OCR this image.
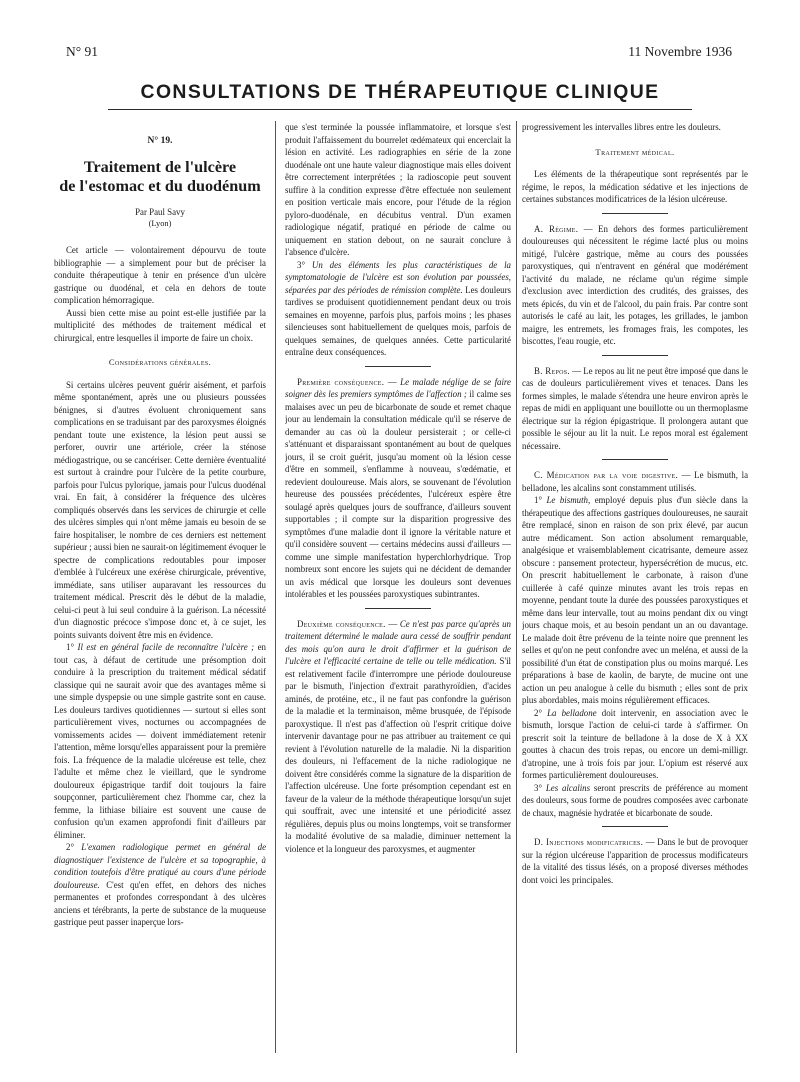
N° 91	11 Novembre 1936
CONSULTATIONS DE THÉRAPEUTIQUE CLINIQUE
N° 19.
Traitement de l'ulcère
de l'estomac et du duodénum
Par Paul Savy
(Lyon)

Cet article — volontairement dépourvu de toute bibliographie — a simplement pour but de préciser la conduite thérapeutique à tenir en présence d'un ulcère gastrique ou duodénal, et cela en dehors de toute complication hémorragique.

Aussi bien cette mise au point est-elle justifiée par la multiplicité des méthodes de traitement médical et chirurgical, entre lesquelles il importe de faire un choix.

Considérations générales.

Si certains ulcères peuvent guérir aisément, et parfois même spontanément, après une ou plusieurs poussées bénignes, si d'autres évoluent chroniquement sans complications en se traduisant par des paroxysmes éloignés pendant toute une existence, la lésion peut aussi se perforer, ouvrir une artériole, créer la sténose médiogastrique, ou se cancériser. Cette dernière éventualité est surtout à craindre pour l'ulcère de la petite courbure, parfois pour l'ulcus pylorique, jamais pour l'ulcus duodénal vrai. En fait, à considérer la fréquence des ulcères compliqués observés dans les services de chirurgie et celle des ulcères simples qui n'ont même jamais eu besoin de se faire hospitaliser, le nombre de ces derniers est nettement supérieur ; aussi bien ne saurait-on légitimement évoquer le spectre de complications redoutables pour imposer d'emblée à l'ulcéreux une exérèse chirurgicale, préventive, immédiate, sans utiliser auparavant les ressources du traitement médical. Prescrit dès le début de la maladie, celui-ci peut à lui seul conduire à la guérison. La nécessité d'un diagnostic précoce s'impose donc et, à ce sujet, les points suivants doivent être mis en évidence.

1° Il est en général facile de reconnaître l'ulcère ; en tout cas, à défaut de certitude une présomption doit conduire à la prescription du traitement médical sédatif classique qui ne saurait avoir que des avantages même si une simple dyspepsie ou une simple gastrite sont en cause. Les douleurs tardives quotidiennes — surtout si elles sont particulièrement vives, nocturnes ou accompagnées de vomissements acides — doivent immédiatement retenir l'attention, même lorsqu'elles apparaissent pour la première fois. La fréquence de la maladie ulcéreuse est telle, chez l'adulte et même chez le vieillard, que le syndrome douloureux épigastrique tardif doit toujours la faire soupçonner, particulièrement chez l'homme car, chez la femme, la lithiase biliaire est souvent une cause de confusion qu'un examen approfondi finit d'ailleurs par éliminer.

2° L'examen radiologique permet en général de diagnostiquer l'existence de l'ulcère et sa topographie, à condition toutefois d'être pratiqué au cours d'une période douloureuse. C'est qu'en effet, en dehors des niches permanentes et profondes correspondant à des ulcères anciens et térébrants, la perte de substance de la muqueuse gastrique peut passer inaperçue lors-

que s'est terminée la poussée inflammatoire, et lorsque s'est produit l'affaissement du bourrelet œdémateux qui encerclait la lésion en activité. Les radiographies en série de la zone duodénale ont une haute valeur diagnostique mais elles doivent être correctement interprétées ; la radioscopie peut souvent suffire à la condition expresse d'être effectuée non seulement en position verticale mais encore, pour l'étude de la région pyloro-duodénale, en décubitus ventral. D'un examen radiologique négatif, pratiqué en période de calme ou uniquement en station debout, on ne saurait conclure à l'absence d'ulcère.

3° Un des éléments les plus caractéristiques de la symptomatologie de l'ulcère est son évolution par poussées, séparées par des périodes de rémission complète. Les douleurs tardives se produisent quotidiennement pendant deux ou trois semaines en moyenne, parfois plus, parfois moins ; les phases silencieuses sont habituellement de quelques mois, parfois de quelques semaines, de quelques années. Cette particularité entraîne deux conséquences.

Première conséquence. — Le malade néglige de se faire soigner dès les premiers symptômes de l'affection ; il calme ses malaises avec un peu de bicarbonate de soude et remet chaque jour au lendemain la consultation médicale qu'il se réserve de demander au cas où la douleur persisterait ; or celle-ci s'atténuant et disparaissant spontanément au bout de quelques jours, il se croit guérit, jusqu'au moment où la lésion cesse d'être en sommeil, s'enflamme à nouveau, s'œdématie, et redevient douloureuse. Mais alors, se souvenant de l'évolution heureuse des poussées précédentes, l'ulcéreux espère être soulagé après quelques jours de souffrance, d'ailleurs souvent supportables ; il compte sur la disparition progressive des symptômes d'une maladie dont il ignore la véritable nature et qu'il considère souvent — certains médecins aussi d'ailleurs — comme une simple manifestation hyperchlorhydrique. Trop nombreux sont encore les sujets qui ne décident de demander un avis médical que lorsque les douleurs sont devenues intolérables et les poussées paroxystiques subintrantes.

Deuxième conséquence. — Ce n'est pas parce qu'après un traitement déterminé le malade aura cessé de souffrir pendant des mois qu'on aura le droit d'affirmer et la guérison de l'ulcère et l'efficacité certaine de telle ou telle médication. S'il est relativement facile d'interrompre une période douloureuse par le bismuth, l'injection d'extrait parathyroïdien, d'acides aminés, de protéine, etc., il ne faut pas confondre la guérison de la maladie et la terminaison, même brusquée, de l'épisode paroxystique. Il n'est pas d'affection où l'esprit critique doive intervenir davantage pour ne pas attribuer au traitement ce qui revient à l'évolution naturelle de la maladie. Ni la disparition des douleurs, ni l'effacement de la niche radiologique ne doivent être considérés comme la signature de la disparition de l'affection ulcéreuse. Une forte présomption cependant est en faveur de la valeur de la méthode thérapeutique lorsqu'un sujet qui souffrait, avec une intensité et une périodicité assez régulières, depuis plus ou moins longtemps, voit se transformer la modalité évolutive de sa maladie, diminuer nettement la violence et la longueur des paroxysmes, et augmenter

progressivement les intervalles libres entre les douleurs.

Traitement médical.

Les éléments de la thérapeutique sont représentés par le régime, le repos, la médication sédative et les injections de certaines substances modificatrices de la lésion ulcéreuse.

A. Régime. — En dehors des formes particulièrement douloureuses qui nécessitent le régime lacté plus ou moins mitigé, l'ulcère gastrique, même au cours des poussées paroxystiques, qui n'entravent en général que modérément l'activité du malade, ne réclame qu'un régime simple d'exclusion avec interdiction des crudités, des graisses, des mets épicés, du vin et de l'alcool, du pain frais. Par contre sont autorisés le café au lait, les potages, les grillades, le jambon maigre, les entremets, les fromages frais, les compotes, les biscottes, l'eau rougie, etc.

B. Repos. — Le repos au lit ne peut être imposé que dans le cas de douleurs particulièrement vives et tenaces. Dans les formes simples, le malade s'étendra une heure environ après le repas de midi en appliquant une bouillotte ou un thermoplasme électrique sur la région épigastrique. Il prolongera autant que possible le séjour au lit la nuit. Le repos moral est également nécessaire.

C. Médication par la voie digestive. — Le bismuth, la belladone, les alcalins sont constamment utilisés.

1° Le bismuth, employé depuis plus d'un siècle dans la thérapeutique des affections gastriques douloureuses, ne saurait être remplacé, sinon en raison de son prix élevé, par aucun autre médicament. Son action absolument remarquable, analgésique et vraisemblablement cicatrisante, demeure assez obscure : pansement protecteur, hypersécrétion de mucus, etc. On prescrit habituellement le carbonate, à raison d'une cuillerée à café quinze minutes avant les trois repas en moyenne, pendant toute la durée des poussées paroxystiques et même dans leur intervalle, tout au moins pendant dix ou vingt jours chaque mois, et au besoin pendant un an ou davantage. Le malade doit être prévenu de la teinte noire que prennent les selles et qu'on ne peut confondre avec un meléna, et aussi de la possibilité d'un état de constipation plus ou moins marqué. Les préparations à base de kaolin, de baryte, de mucine ont une action un peu analogue à celle du bismuth ; elles sont de prix plus abordables, mais moins régulièrement efficaces.

2° La belladone doit intervenir, en association avec le bismuth, lorsque l'action de celui-ci tarde à s'affirmer. On prescrit soit la teinture de belladone à la dose de X à XX gouttes à chacun des trois repas, ou encore un demi-milligr. d'atropine, une à trois fois par jour. L'opium est réservé aux formes particulièrement douloureuses.

3° Les alcalins seront prescrits de préférence au moment des douleurs, sous forme de poudres composées avec carbonate de chaux, magnésie hydratée et bicarbonate de soude.

D. Injections modificatrices. — Dans le but de provoquer sur la région ulcéreuse l'apparition de processus modificateurs de la vitalité des tissus lésés, on a proposé diverses méthodes dont voici les principales.
